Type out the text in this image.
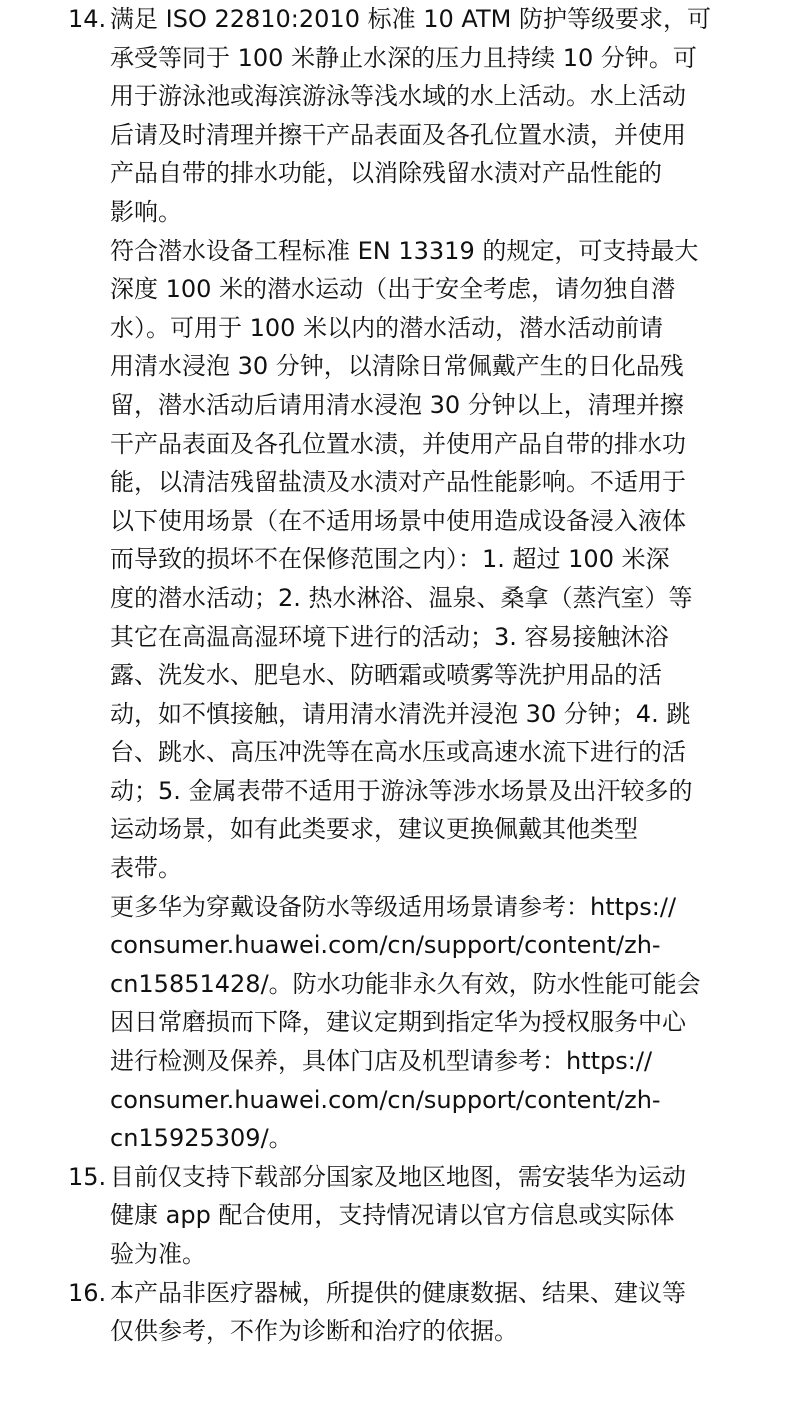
14. 满足 ISO 22810:2010 标准 10 ATM 防护等级要求，可
承受等同于 100 米静止水深的压力且持续 10 分钟。可
用于游泳池或海滨游泳等浅水域的水上活动。水上活动
后请及时清理并擦干产品表面及各孔位置水渍，并使用
产品自带的排水功能，以消除残留水渍对产品性能的
影响。
符合潜水设备工程标准 EN 13319 的规定，可支持最大
深度 100 米的潜水运动（出于安全考虑，请勿独自潜
水）。可用于 100 米以内的潜水活动，潜水活动前请
用清水浸泡 30 分钟，以清除日常佩戴产生的日化品残
留，潜水活动后请用清水浸泡 30 分钟以上，清理并擦
干产品表面及各孔位置水渍，并使用产品自带的排水功
能，以清洁残留盐渍及水渍对产品性能影响。不适用于
以下使用场景（在不适用场景中使用造成设备浸入液体
而导致的损坏不在保修范围之内）：1. 超过 100 米深
度的潜水活动；2. 热水淋浴、温泉、桑拿（蒸汽室）等
其它在高温高湿环境下进行的活动；3. 容易接触沐浴
露、洗发水、肥皂水、防晒霜或喷雾等洗护用品的活
动，如不慎接触，请用清水清洗并浸泡 30 分钟；4. 跳
台、跳水、高压冲洗等在高水压或高速水流下进行的活
动；5. 金属表带不适用于游泳等涉水场景及出汗较多的
运动场景，如有此类要求，建议更换佩戴其他类型
表带。
更多华为穿戴设备防水等级适用场景请参考：https://
consumer.huawei.com/cn/support/content/zh-
cn15851428/。防水功能非永久有效，防水性能可能会
因日常磨损而下降，建议定期到指定华为授权服务中心
进行检测及保养，具体门店及机型请参考：https://
consumer.huawei.com/cn/support/content/zh-
cn15925309/。
15. 目前仅支持下载部分国家及地区地图，需安装华为运动
健康 app 配合使用，支持情况请以官方信息或实际体
验为准。
16. 本产品非医疗器械，所提供的健康数据、结果、建议等
仅供参考，不作为诊断和治疗的依据。
